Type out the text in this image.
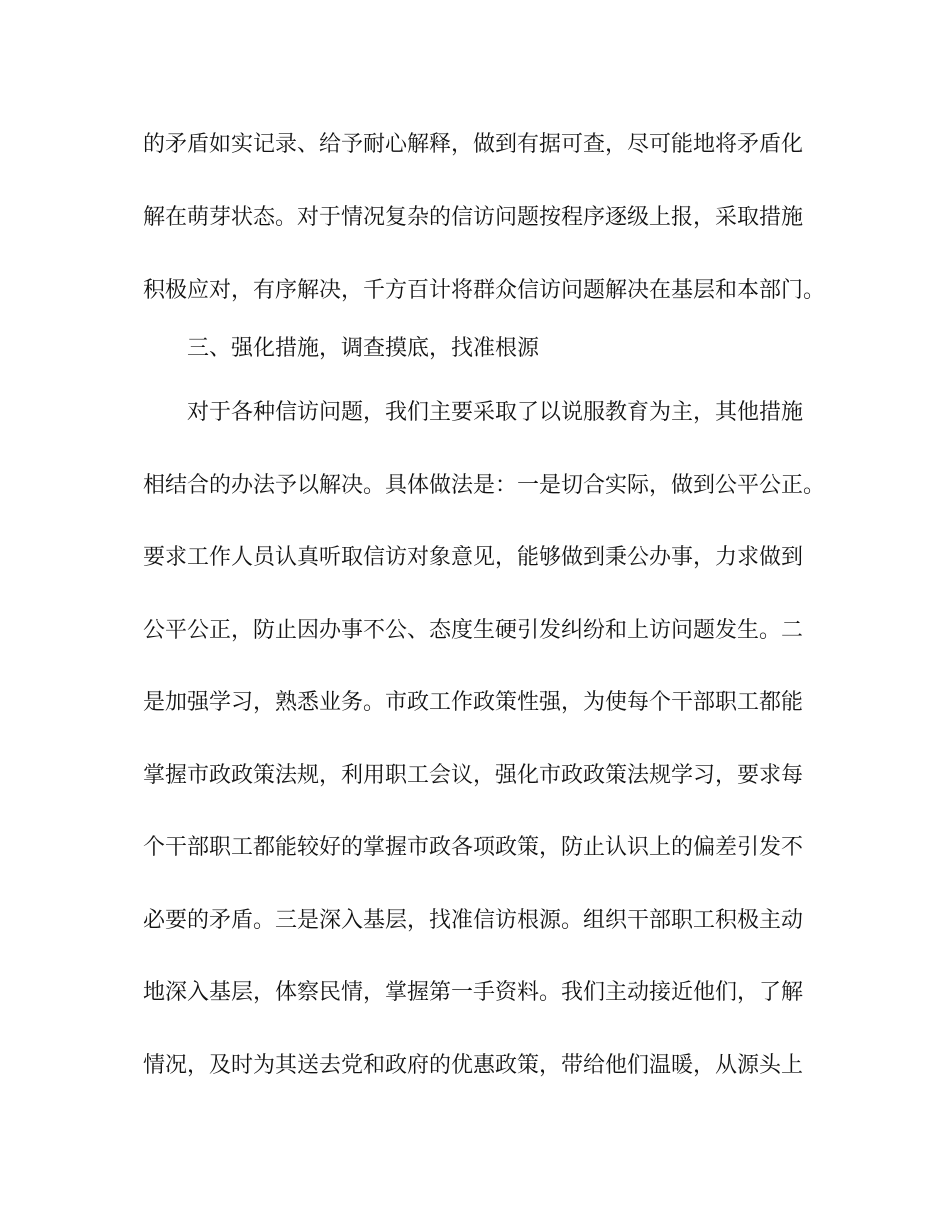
的矛盾如实记录、给予耐心解释，做到有据可查，尽可能地将矛盾化
解在萌芽状态。对于情况复杂的信访问题按程序逐级上报，采取措施
积极应对，有序解决，千方百计将群众信访问题解决在基层和本部门。
三、强化措施，调查摸底，找准根源
对于各种信访问题，我们主要采取了以说服教育为主，其他措施
相结合的办法予以解决。具体做法是：一是切合实际，做到公平公正。
要求工作人员认真听取信访对象意见，能够做到秉公办事，力求做到
公平公正，防止因办事不公、态度生硬引发纠纷和上访问题发生。二
是加强学习，熟悉业务。市政工作政策性强，为使每个干部职工都能
掌握市政政策法规，利用职工会议，强化市政政策法规学习，要求每
个干部职工都能较好的掌握市政各项政策，防止认识上的偏差引发不
必要的矛盾。三是深入基层，找准信访根源。组织干部职工积极主动
地深入基层，体察民情，掌握第一手资料。我们主动接近他们，了解
情况，及时为其送去党和政府的优惠政策，带给他们温暖，从源头上
